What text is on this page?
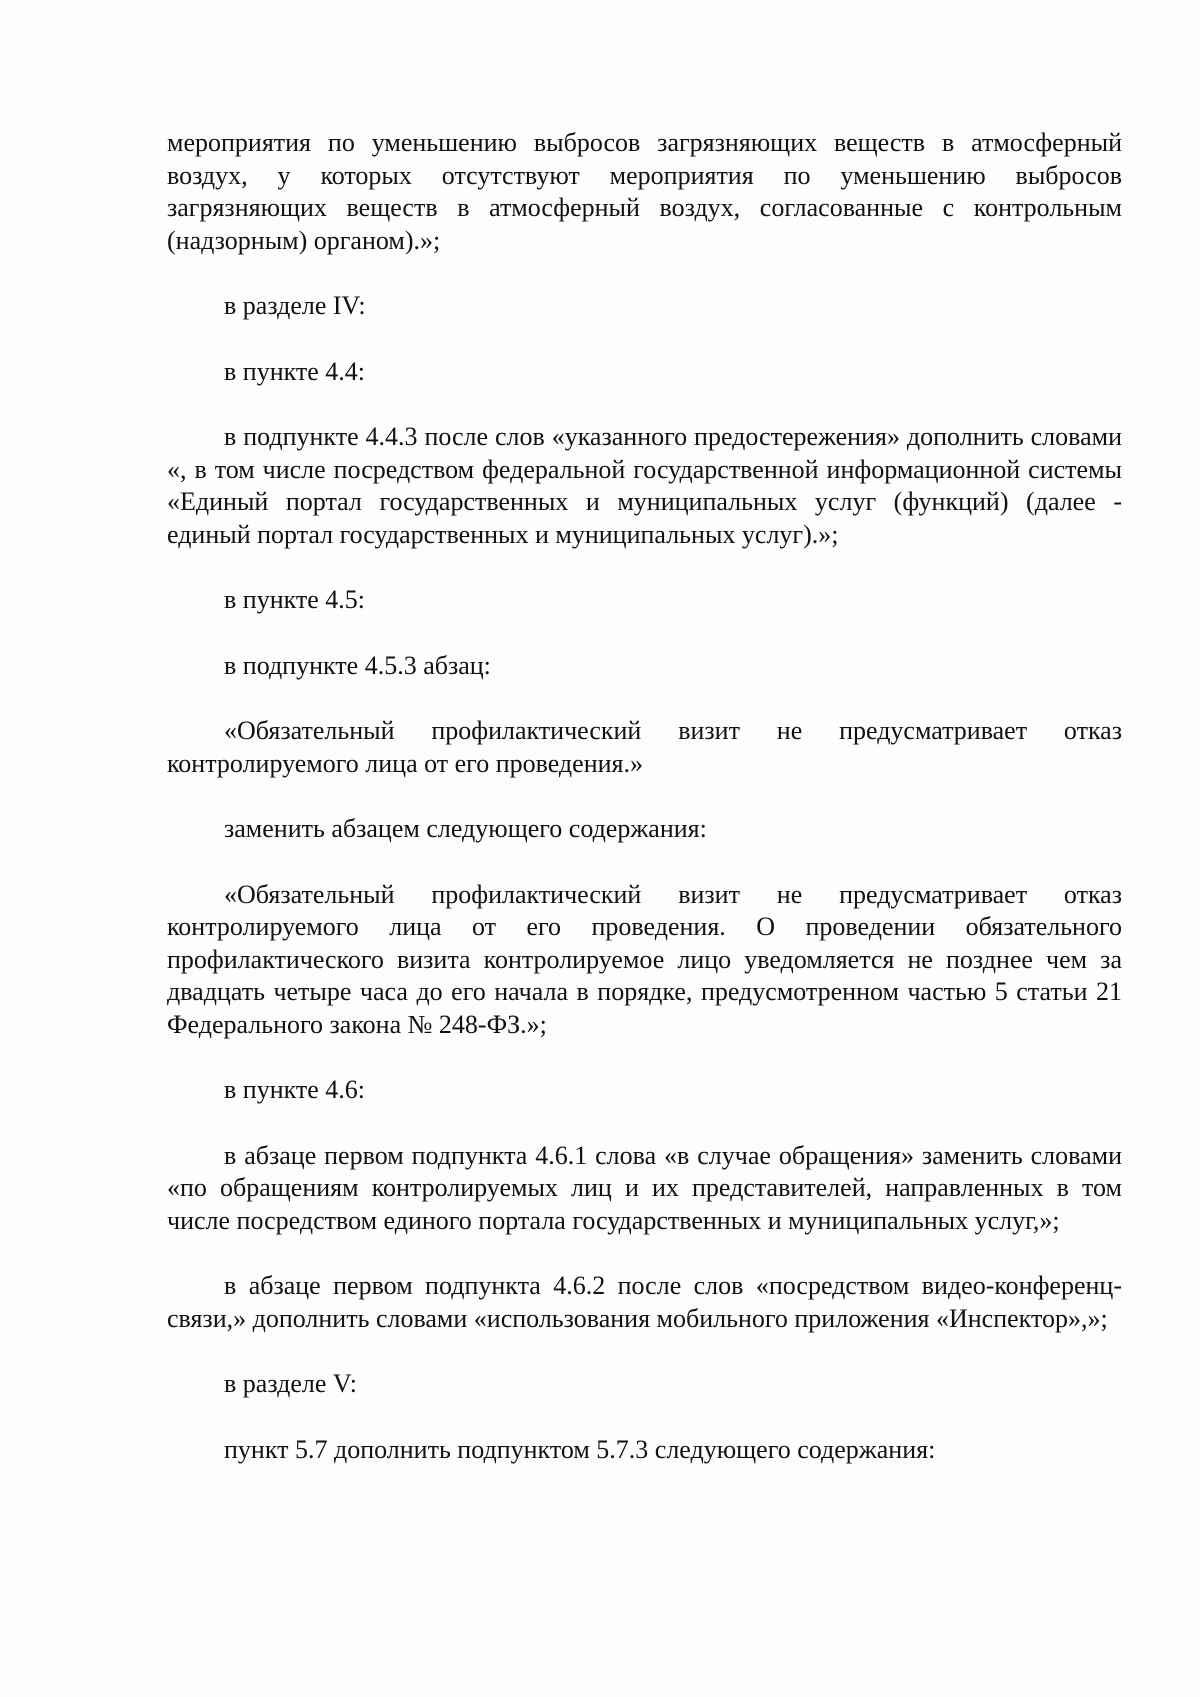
мероприятия по уменьшению выбросов загрязняющих веществ в атмосферный воздух, у которых отсутствуют мероприятия по уменьшению выбросов загрязняющих веществ в атмосферный воздух, согласованные с контрольным (надзорным) органом).»;

в разделе IV:

в пункте 4.4:

в подпункте 4.4.3 после слов «указанного предостережения» дополнить словами «, в том числе посредством федеральной государственной информационной системы «Единый портал государственных и муниципальных услуг (функций) (далее - единый портал государственных и муниципальных услуг).»;

в пункте 4.5:

в подпункте 4.5.3 абзац:

«Обязательный профилактический визит не предусматривает отказ контролируемого лица от его проведения.»

заменить абзацем следующего содержания:

«Обязательный профилактический визит не предусматривает отказ контролируемого лица от его проведения. О проведении обязательного профилактического визита контролируемое лицо уведомляется не позднее чем за двадцать четыре часа до его начала в порядке, предусмотренном частью 5 статьи 21 Федерального закона № 248-ФЗ.»;

в пункте 4.6:

в абзаце первом подпункта 4.6.1 слова «в случае обращения» заменить словами «по обращениям контролируемых лиц и их представителей, направленных в том числе посредством единого портала государственных и муниципальных услуг,»;

в абзаце первом подпункта 4.6.2 после слов «посредством видео-конференц-связи,» дополнить словами «использования мобильного приложения «Инспектор»,»;

в разделе V:

пункт 5.7 дополнить подпунктом 5.7.3 следующего содержания:
